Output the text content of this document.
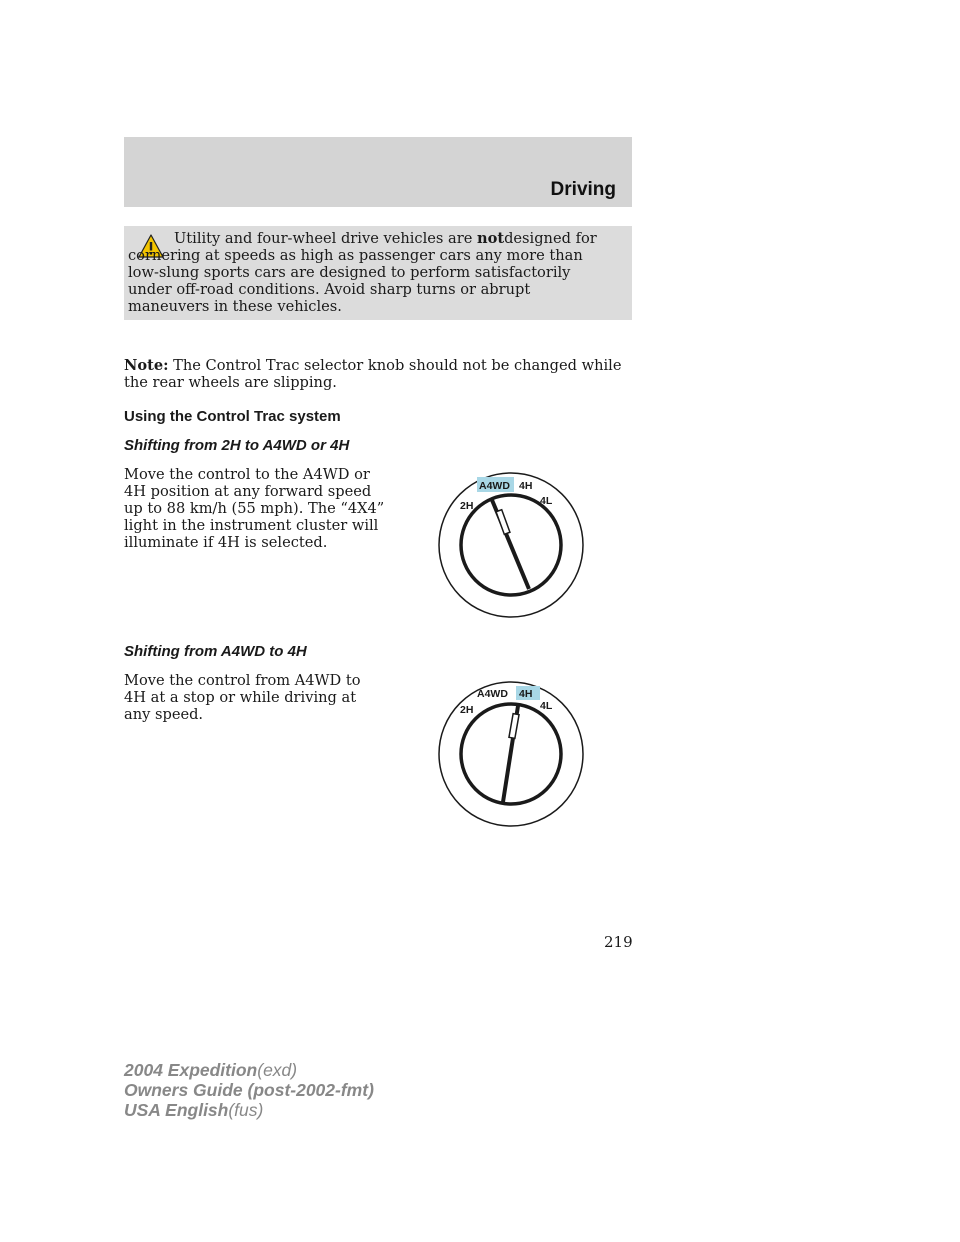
Driving

Utility and four-wheel drive vehicles are notdesigned for cornering at speeds as high as passenger cars any more than low-slung sports cars are designed to perform satisfactorily under off-road conditions. Avoid sharp turns or abrupt maneuvers in these vehicles.

Note: The Control Trac selector knob should not be changed while the rear wheels are slipping.

Using the Control Trac system
Shifting from 2H to A4WD or 4H

Move the control to the A4WD or 4H position at any forward speed up to 88 km/h (55 mph). The “4X4” light in the instrument cluster will illuminate if 4H is selected.

2H
A4WD 4H
4L
Shifting from A4WD to 4H

Move the control from A4WD to 4H at a stop or while driving at any speed.	2H
A4WD 4H
4L
219
2004 Expedition(exd)
Owners Guide (post-2002-fmt)
USA English(fus)
